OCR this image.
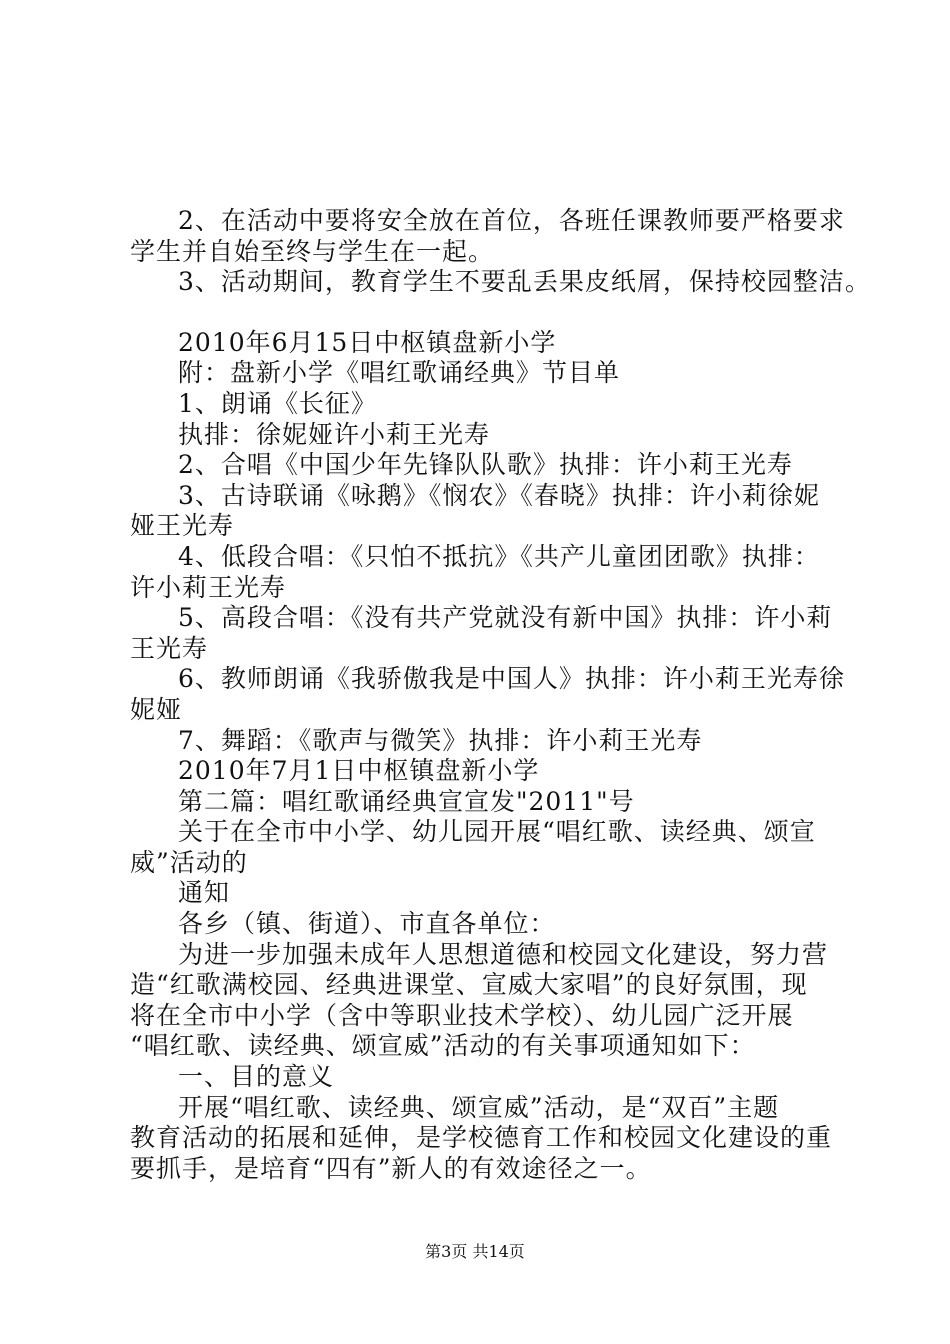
2、在活动中要将安全放在首位，各班任课教师要严格要求
学生并自始至终与学生在一起。
3、活动期间，教育学生不要乱丢果皮纸屑，保持校园整洁。
2010年6月15日中枢镇盘新小学
附：盘新小学《唱红歌诵经典》节目单
1、朗诵《长征》
执排：徐妮娅许小莉王光寿
2、合唱《中国少年先锋队队歌》执排：许小莉王光寿
3、古诗联诵《咏鹅》《悯农》《春晓》执排：许小莉徐妮
娅王光寿
4、低段合唱：《只怕不抵抗》《共产儿童团团歌》执排：
许小莉王光寿
5、高段合唱：《没有共产党就没有新中国》执排：许小莉
王光寿
6、教师朗诵《我骄傲我是中国人》执排：许小莉王光寿徐
妮娅
7、舞蹈：《歌声与微笑》执排：许小莉王光寿
2010年7月1日中枢镇盘新小学
第二篇：唱红歌诵经典宣宣发"2011"号
关于在全市中小学、幼儿园开展“唱红歌、读经典、颂宣
威”活动的
通知
各乡（镇、街道）、市直各单位：
为进一步加强未成年人思想道德和校园文化建设，努力营
造“红歌满校园、经典进课堂、宣威大家唱”的良好氛围，现
将在全市中小学（含中等职业技术学校）、幼儿园广泛开展
“唱红歌、读经典、颂宣威”活动的有关事项通知如下：
一、目的意义
开展“唱红歌、读经典、颂宣威”活动，是“双百”主题
教育活动的拓展和延伸，是学校德育工作和校园文化建设的重
要抓手，是培育“四有”新人的有效途径之一。
第3页 共14页
